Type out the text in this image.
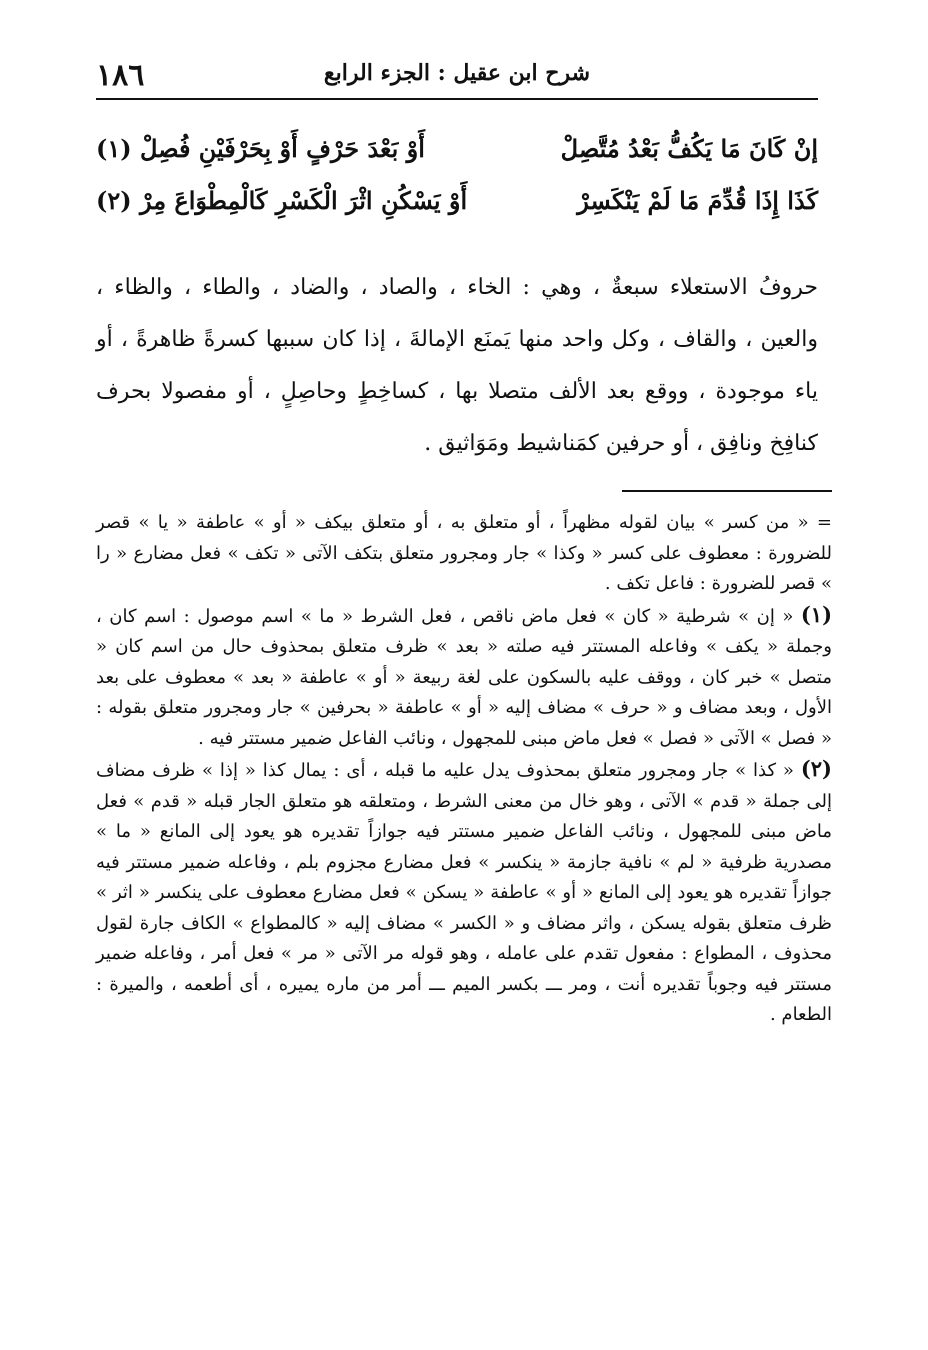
شرح ابن عقيل : الجزء الرابع
١٨٦
إنْ كَانَ مَا يَكُفُّ بَعْدُ مُتَّصِلْ
أَوْ بَعْدَ حَرْفٍ أَوْ بِحَرْفَيْنِ فُصِلْ (١)
كَذَا إِذَا قُدِّمَ مَا لَمْ يَنْكَسِرْ
أَوْ يَسْكُنِ اثْرَ الْكَسْرِ كَالْمِطْوَاعَ مِرْ (٢)

حروفُ الاستعلاء سبعةٌ ، وهي : الخاء ، والصاد ، والضاد ، والطاء ، والظاء ، والعين ، والقاف ، وكل واحد منها يَمنَع الإمالةَ ، إذا كان سببها كسرةً ظاهرةً ، أو ياء موجودة ، ووقع بعد الألف متصلا بها ، كساخِطٍ وحاصِلٍ ، أو مفصولا بحرف كنافِخ ونافِق ، أو حرفين كمَناشيط ومَوَاثيق .

= « من كسر » بيان لقوله مظهراً ، أو متعلق به ، أو متعلق بيكف « أو » عاطفة « يا » قصر للضرورة : معطوف على كسر « وكذا » جار ومجرور متعلق بتكف الآتى « تكف » فعل مضارع « را » قصر للضرورة : فاعل تكف .

(١) « إن » شرطية « كان » فعل ماض ناقص ، فعل الشرط « ما » اسم موصول : اسم كان ، وجملة « يكف » وفاعله المستتر فيه صلته « بعد » ظرف متعلق بمحذوف حال من اسم كان « متصل » خبر كان ، ووقف عليه بالسكون على لغة ربيعة « أو » عاطفة « بعد » معطوف على بعد الأول ، وبعد مضاف و « حرف » مضاف إليه « أو » عاطفة « بحرفين » جار ومجرور متعلق بقوله : « فصل » الآتى « فصل » فعل ماض مبنى للمجهول ، ونائب الفاعل ضمير مستتر فيه .

(٢) « كذا » جار ومجرور متعلق بمحذوف يدل عليه ما قبله ، أى : يمال كذا « إذا » ظرف مضاف إلى جملة « قدم » الآتى ، وهو خال من معنى الشرط ، ومتعلقه هو متعلق الجار قبله « قدم » فعل ماض مبنى للمجهول ، ونائب الفاعل ضمير مستتر فيه جوازاً تقديره هو يعود إلى المانع « ما » مصدرية ظرفية « لم » نافية جازمة « ينكسر » فعل مضارع مجزوم بلم ، وفاعله ضمير مستتر فيه جوازاً تقديره هو يعود إلى المانع « أو » عاطفة « يسكن » فعل مضارع معطوف على ينكسر « اثر » ظرف متعلق بقوله يسكن ، واثر مضاف و « الكسر » مضاف إليه « كالمطواع » الكاف جارة لقول محذوف ، المطواع : مفعول تقدم على عامله ، وهو قوله مر الآتى « مر » فعل أمر ، وفاعله ضمير مستتر فيه وجوباً تقديره أنت ، ومر ـــ بكسر الميم ـــ أمر من ماره يميره ، أى أطعمه ، والميرة : الطعام .
